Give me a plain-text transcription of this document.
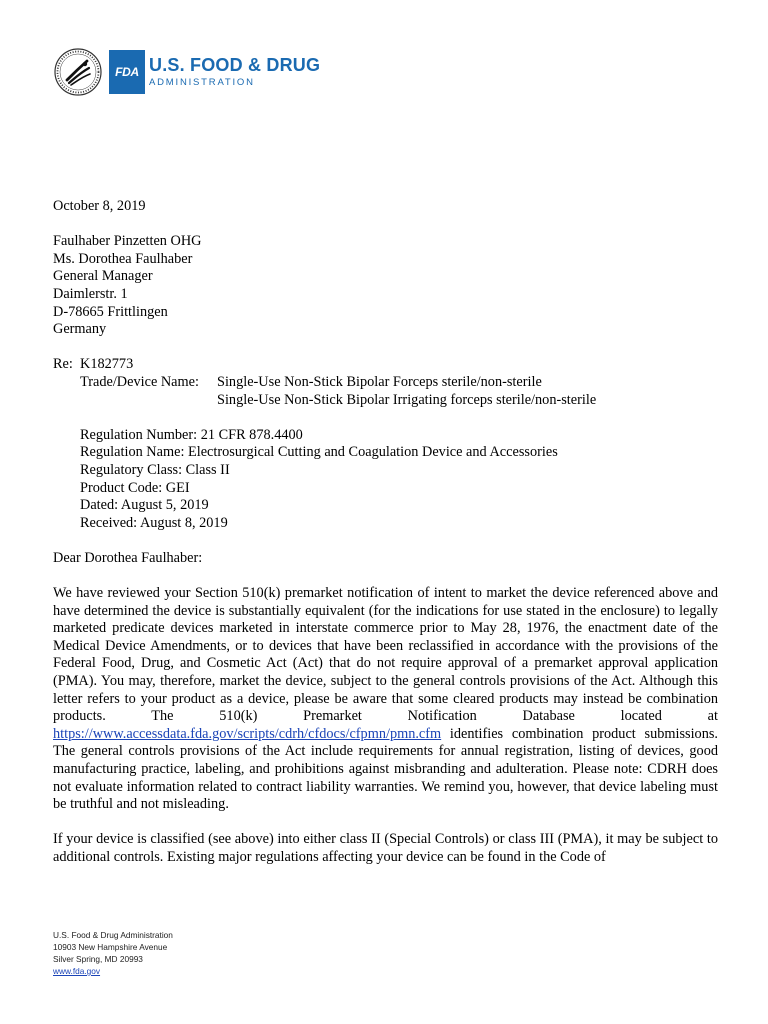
FDA U.S. FOOD & DRUG
ADMINISTRATION
October 8, 2019
Faulhaber Pinzetten OHG
Ms. Dorothea Faulhaber
General Manager
Daimlerstr. 1
D-78665 Frittlingen
Germany
Re: K182773
Trade/Device Name:	Single-Use Non-Stick Bipolar Forceps sterile/non-sterile
Single-Use Non-Stick Bipolar Irrigating forceps sterile/non-sterile
Regulation Number: 21 CFR 878.4400
Regulation Name: Electrosurgical Cutting and Coagulation Device and Accessories
Regulatory Class: Class II
Product Code: GEI
Dated: August 5, 2019
Received: August 8, 2019
Dear Dorothea Faulhaber:
We have reviewed your Section 510(k) premarket notification of intent to market the device referenced above and have determined the device is substantially equivalent (for the indications for use stated in the enclosure) to legally marketed predicate devices marketed in interstate commerce prior to May 28, 1976, the enactment date of the Medical Device Amendments, or to devices that have been reclassified in accordance with the provisions of the Federal Food, Drug, and Cosmetic Act (Act) that do not require approval of a premarket approval application (PMA). You may, therefore, market the device, subject to the general controls provisions of the Act. Although this letter refers to your product as a device, please be aware that some cleared products may instead be combination products. The 510(k) Premarket Notification Database located at https://www.accessdata.fda.gov/scripts/cdrh/cfdocs/cfpmn/pmn.cfm identifies combination product submissions. The general controls provisions of the Act include requirements for annual registration, listing of devices, good manufacturing practice, labeling, and prohibitions against misbranding and adulteration. Please note: CDRH does not evaluate information related to contract liability warranties. We remind you, however, that device labeling must be truthful and not misleading.
If your device is classified (see above) into either class II (Special Controls) or class III (PMA), it may be subject to additional controls. Existing major regulations affecting your device can be found in the Code of
U.S. Food & Drug Administration
10903 New Hampshire Avenue
Silver Spring, MD 20993
www.fda.gov
